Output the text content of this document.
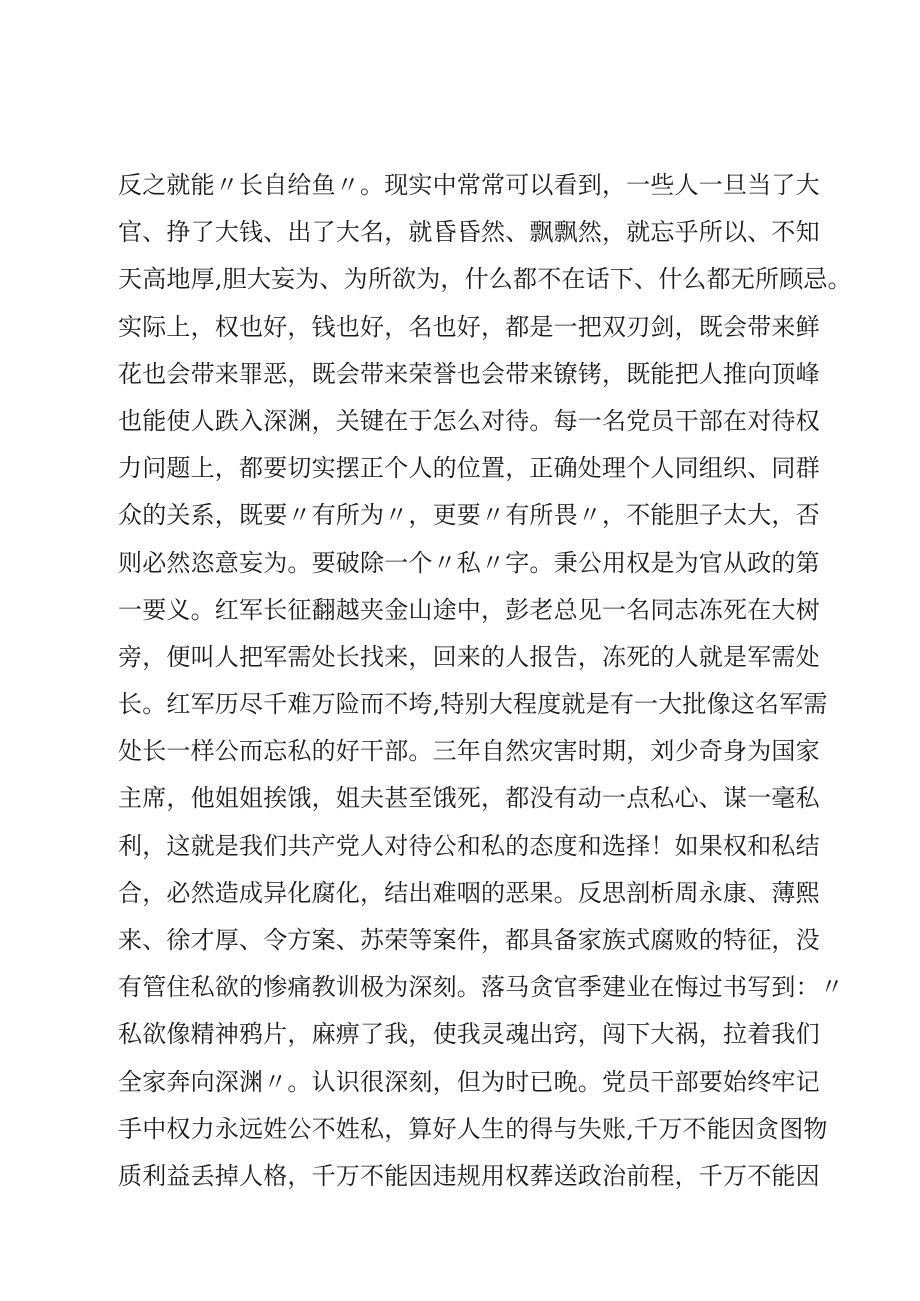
反之就能〃长自给鱼〃。现实中常常可以看到，一些人一旦当了大
官、挣了大钱、出了大名，就昏昏然、飘飘然，就忘乎所以、不知
天高地厚,胆大妄为、为所欲为，什么都不在话下、什么都无所顾忌。
实际上，权也好，钱也好，名也好，都是一把双刃剑，既会带来鲜
花也会带来罪恶，既会带来荣誉也会带来镣铐，既能把人推向顶峰
也能使人跌入深渊，关键在于怎么对待。每一名党员干部在对待权
力问题上，都要切实摆正个人的位置，正确处理个人同组织、同群
众的关系，既要〃有所为〃，更要〃有所畏〃，不能胆子太大，否
则必然恣意妄为。要破除一个〃私〃字。秉公用权是为官从政的第
一要义。红军长征翻越夹金山途中，彭老总见一名同志冻死在大树
旁，便叫人把军需处长找来，回来的人报告，冻死的人就是军需处
长。红军历尽千难万险而不垮,特别大程度就是有一大批像这名军需
处长一样公而忘私的好干部。三年自然灾害时期，刘少奇身为国家
主席，他姐姐挨饿，姐夫甚至饿死，都没有动一点私心、谋一毫私
利，这就是我们共产党人对待公和私的态度和选择！如果权和私结
合，必然造成异化腐化，结出难咽的恶果。反思剖析周永康、薄熙
来、徐才厚、令方案、苏荣等案件，都具备家族式腐败的特征，没
有管住私欲的惨痛教训极为深刻。落马贪官季建业在悔过书写到：〃
私欲像精神鸦片，麻痹了我，使我灵魂出窍，闯下大祸，拉着我们
全家奔向深渊〃。认识很深刻，但为时已晚。党员干部要始终牢记
手中权力永远姓公不姓私，算好人生的得与失账,千万不能因贪图物
质利益丢掉人格，千万不能因违规用权葬送政治前程，千万不能因
